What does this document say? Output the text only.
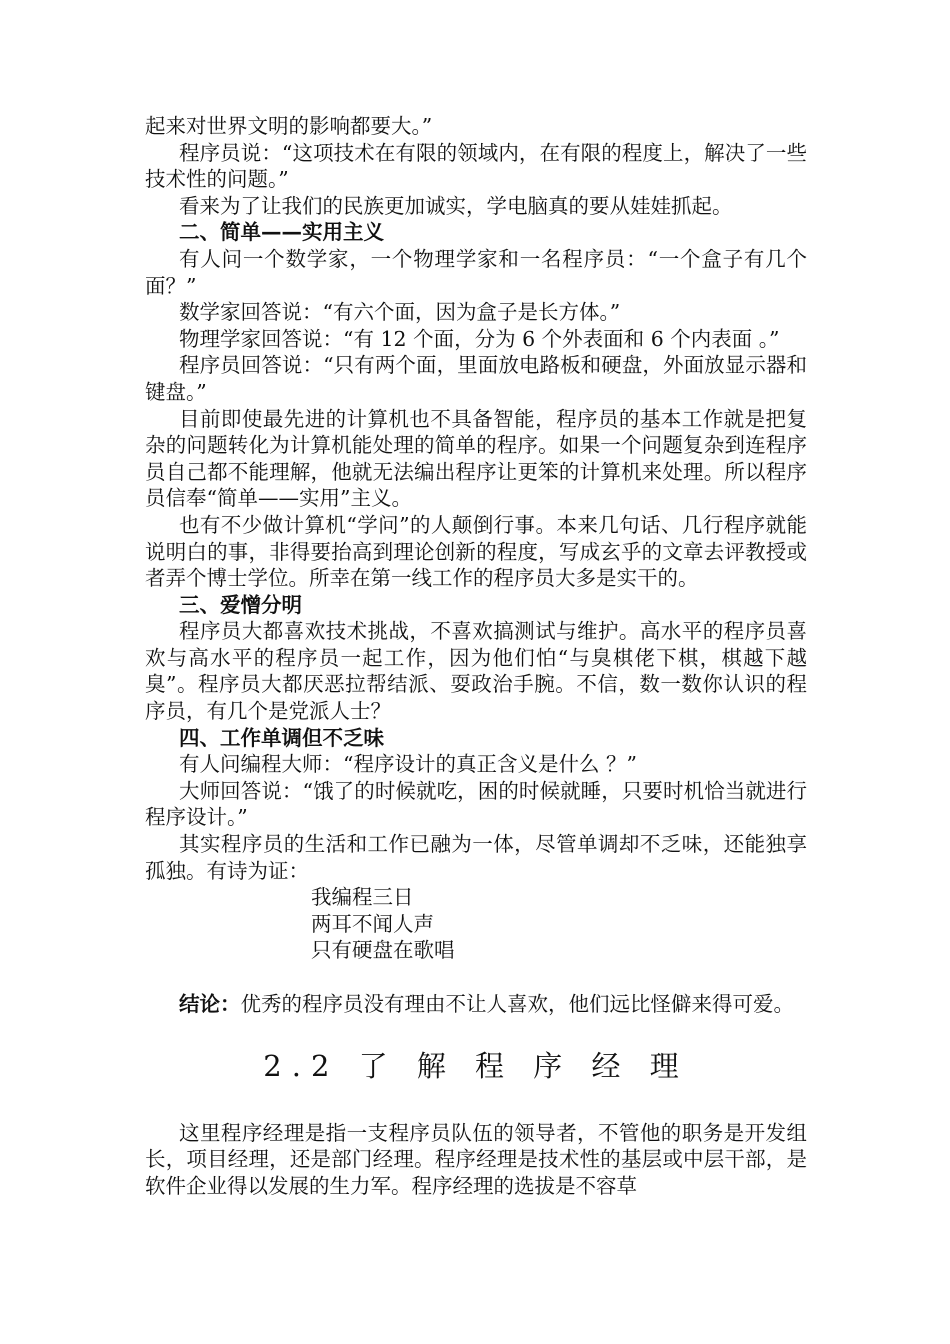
起来对世界文明的影响都要大。”

程序员说：“这项技术在有限的领域内，在有限的程度上，解决了一些技术性的问题。”

看来为了让我们的民族更加诚实，学电脑真的要从娃娃抓起。

二、简单——实用主义

有人问一个数学家，一个物理学家和一名程序员：“一个盒子有几个面？”

数学家回答说：“有六个面，因为盒子是长方体。”

物理学家回答说：“有 12 个面，分为 6 个外表面和 6 个内表面 。”

程序员回答说：“只有两个面，里面放电路板和硬盘，外面放显示器和键盘。”

目前即使最先进的计算机也不具备智能，程序员的基本工作就是把复杂的问题转化为计算机能处理的简单的程序。如果一个问题复杂到连程序员自己都不能理解，他就无法编出程序让更笨的计算机来处理。所以程序员信奉“简单——实用”主义。

也有不少做计算机“学问”的人颠倒行事。本来几句话、几行程序就能说明白的事，非得要抬高到理论创新的程度，写成玄乎的文章去评教授或者弄个博士学位。所幸在第一线工作的程序员大多是实干的。

三、爱憎分明

程序员大都喜欢技术挑战，不喜欢搞测试与维护。高水平的程序员喜欢与高水平的程序员一起工作，因为他们怕“与臭棋佬下棋，棋越下越臭”。程序员大都厌恶拉帮结派、耍政治手腕。不信，数一数你认识的程序员，有几个是党派人士？

四、工作单调但不乏味

有人问编程大师：“程序设计的真正含义是什么 ？”

大师回答说：“饿了的时候就吃，困的时候就睡，只要时机恰当就进行程序设计。”

其实程序员的生活和工作已融为一体，尽管单调却不乏味，还能独享孤独。有诗为证：

我编程三日

两耳不闻人声

只有硬盘在歌唱

结论：优秀的程序员没有理由不让人喜欢，他们远比怪僻来得可爱。

2.2 了 解 程 序 经 理

这里程序经理是指一支程序员队伍的领导者，不管他的职务是开发组长，项目经理，还是部门经理。程序经理是技术性的基层或中层干部，是软件企业得以发展的生力军。程序经理的选拔是不容草
